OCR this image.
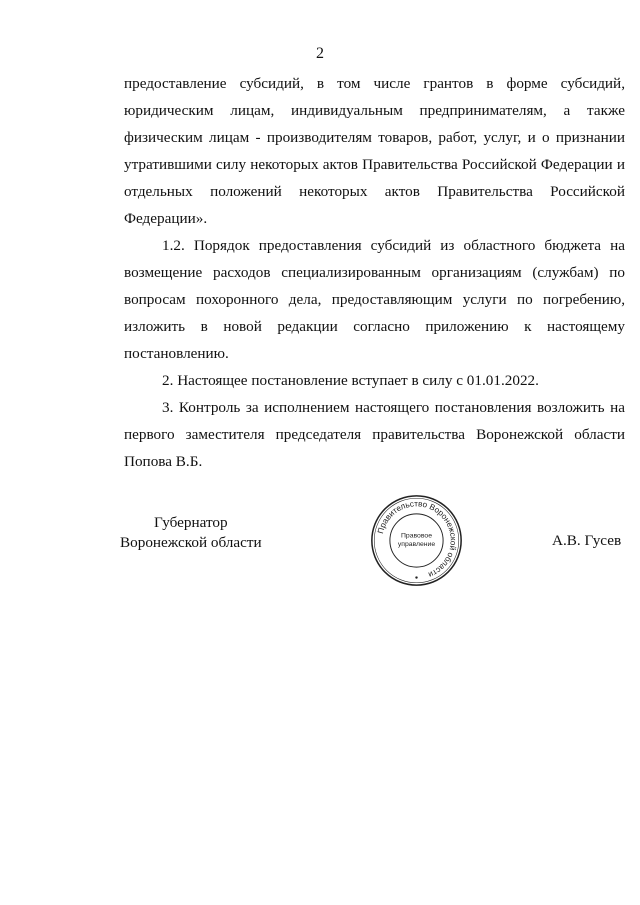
2
предоставление субсидий, в том числе грантов в форме субсидий,
юридическим лицам, индивидуальным предпринимателям, а также
физическим лицам - производителям товаров, работ, услуг, и о признании
утратившими силу некоторых актов Правительства Российской Федерации и
отдельных положений некоторых актов Правительства Российской
Федерации».
1.2. Порядок предоставления субсидий из областного бюджета на
возмещение расходов специализированным организациям (службам) по
вопросам похоронного дела, предоставляющим услуги по погребению,
изложить в новой редакции согласно приложению к настоящему
постановлению.
2. Настоящее постановление вступает в силу с 01.01.2022.
3. Контроль за исполнением настоящего постановления возложить на
первого заместителя председателя правительства Воронежской области
Попова В.Б.
Губернатор
Воронежской области
Правительство Воронежской области
Правовое
управление	А.В. Гусев
